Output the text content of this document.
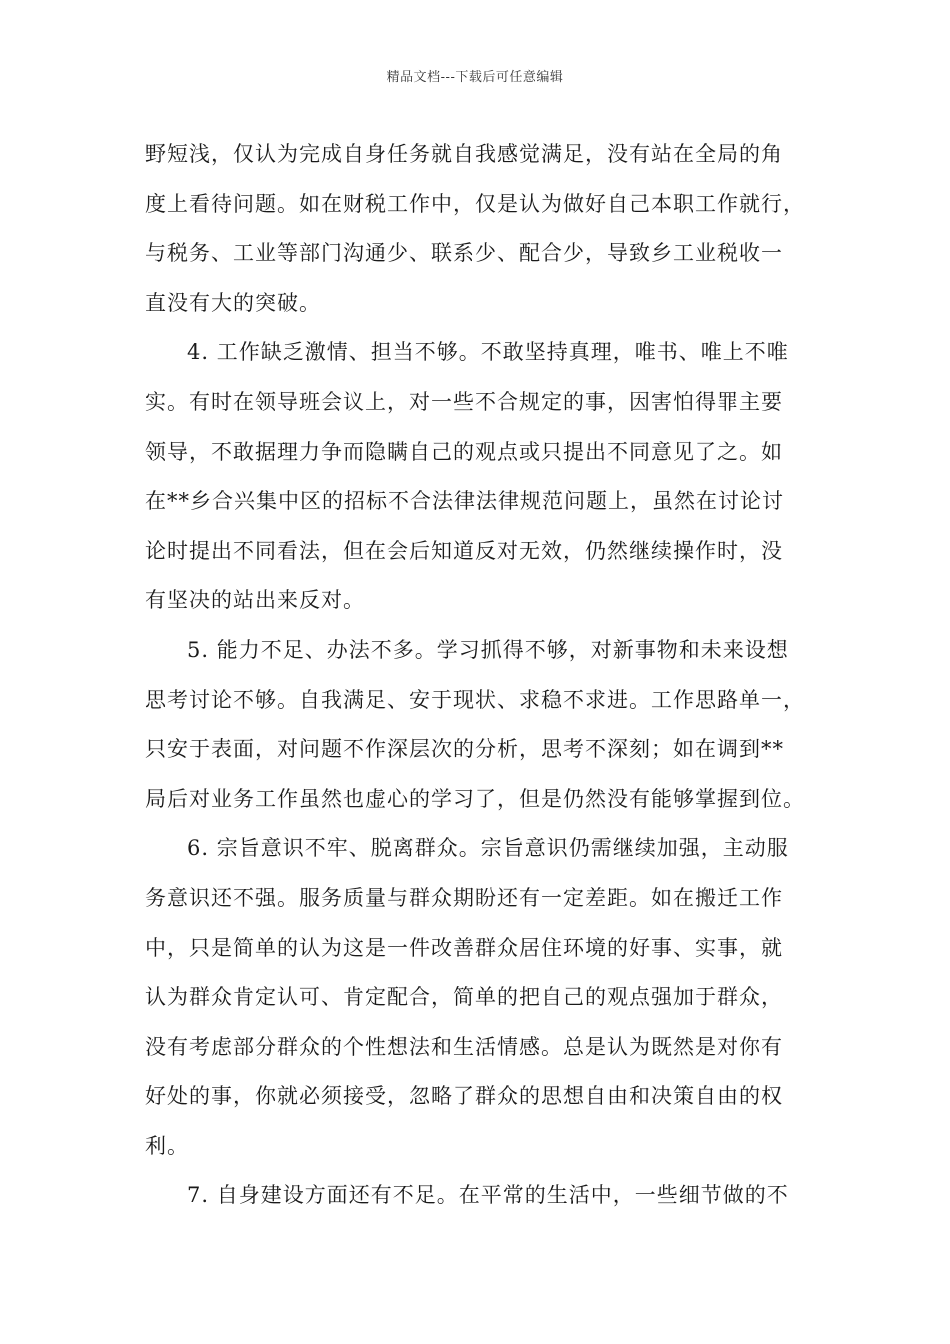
精品文档---下载后可任意编辑
野短浅，仅认为完成自身任务就自我感觉满足，没有站在全局的角
度上看待问题。如在财税工作中，仅是认为做好自己本职工作就行，
与税务、工业等部门沟通少、联系少、配合少，导致乡工业税收一
直没有大的突破。
4. 工作缺乏激情、担当不够。不敢坚持真理，唯书、唯上不唯
实。有时在领导班会议上，对一些不合规定的事，因害怕得罪主要
领导，不敢据理力争而隐瞒自己的观点或只提出不同意见了之。如
在**乡合兴集中区的招标不合法律法律规范问题上，虽然在讨论讨
论时提出不同看法，但在会后知道反对无效，仍然继续操作时，没
有坚决的站出来反对。
5. 能力不足、办法不多。学习抓得不够，对新事物和未来设想
思考讨论不够。自我满足、安于现状、求稳不求进。工作思路单一，
只安于表面，对问题不作深层次的分析，思考不深刻；如在调到**
局后对业务工作虽然也虚心的学习了，但是仍然没有能够掌握到位。
6. 宗旨意识不牢、脱离群众。宗旨意识仍需继续加强，主动服
务意识还不强。服务质量与群众期盼还有一定差距。如在搬迁工作
中，只是简单的认为这是一件改善群众居住环境的好事、实事，就
认为群众肯定认可、肯定配合，简单的把自己的观点强加于群众，
没有考虑部分群众的个性想法和生活情感。总是认为既然是对你有
好处的事，你就必须接受，忽略了群众的思想自由和决策自由的权
利。
7. 自身建设方面还有不足。在平常的生活中，一些细节做的不
